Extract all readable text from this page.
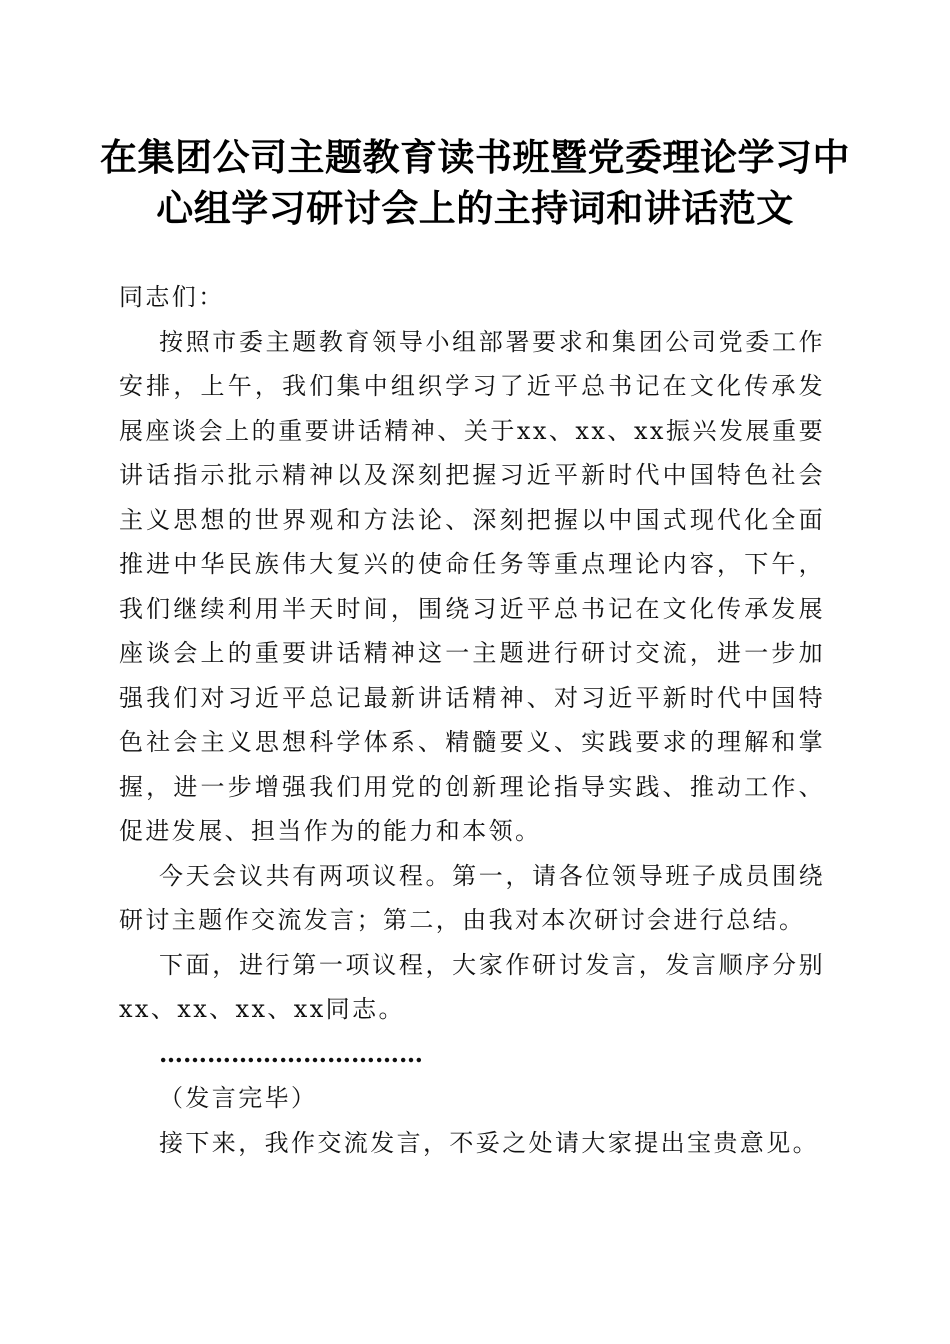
在集团公司主题教育读书班暨党委理论学习中心组学习研讨会上的主持词和讲话范文

同志们：

按照市委主题教育领导小组部署要求和集团公司党委工作安排，上午，我们集中组织学习了近平总书记在文化传承发展座谈会上的重要讲话精神、关于xx、xx、xx振兴发展重要讲话指示批示精神以及深刻把握习近平新时代中国特色社会主义思想的世界观和方法论、深刻把握以中国式现代化全面推进中华民族伟大复兴的使命任务等重点理论内容，下午，我们继续利用半天时间，围绕习近平总书记在文化传承发展座谈会上的重要讲话精神这一主题进行研讨交流，进一步加强我们对习近平总记最新讲话精神、对习近平新时代中国特色社会主义思想科学体系、精髓要义、实践要求的理解和掌握，进一步增强我们用党的创新理论指导实践、推动工作、促进发展、担当作为的能力和本领。

今天会议共有两项议程。第一，请各位领导班子成员围绕研讨主题作交流发言；第二，由我对本次研讨会进行总结。

下面，进行第一项议程，大家作研讨发言，发言顺序分别xx、xx、xx、xx同志。

……………………………

（发言完毕）

接下来，我作交流发言，不妥之处请大家提出宝贵意见。
